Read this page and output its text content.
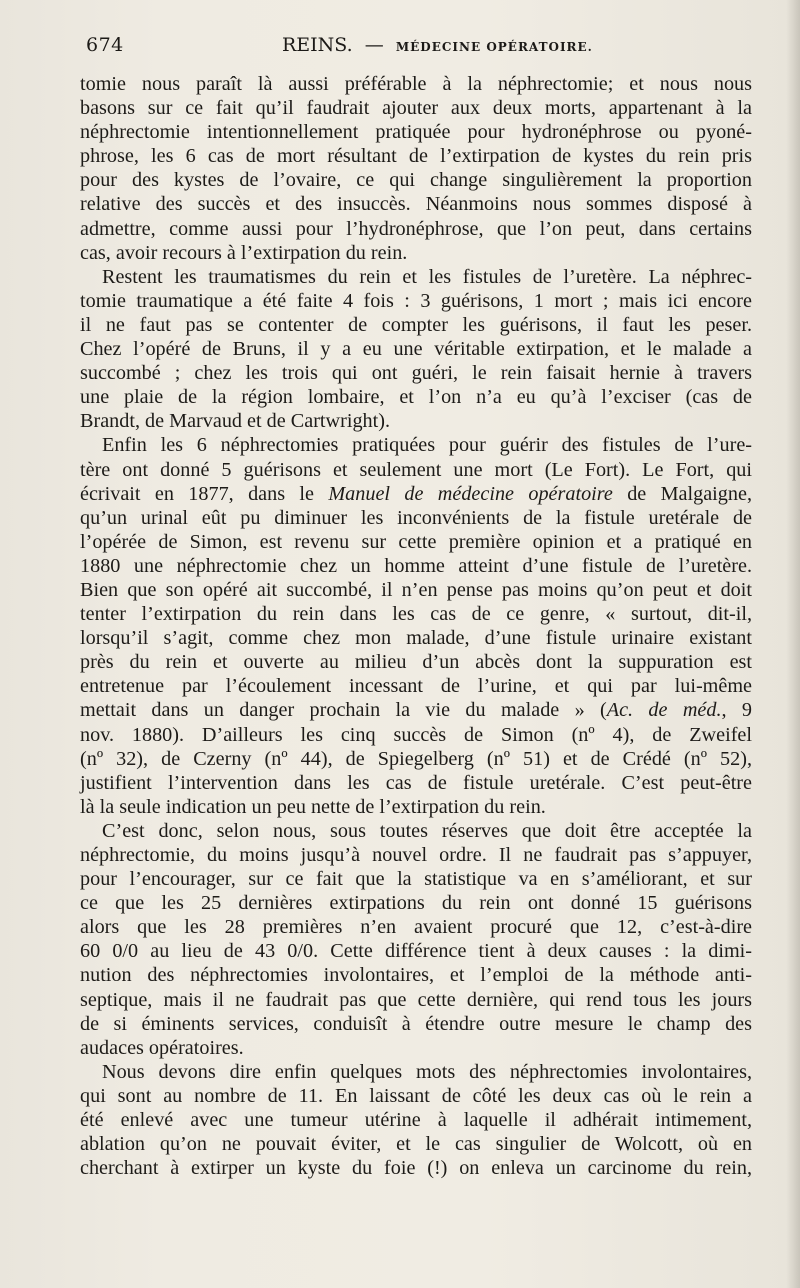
674	REINS. — MÉDECINE OPÉRATOIRE.
tomie nous paraît là aussi préférable à la néphrectomie; et nous nous
basons sur ce fait qu’il faudrait ajouter aux deux morts, appartenant à la
néphrectomie intentionnellement pratiquée pour hydronéphrose ou pyoné-
phrose, les 6 cas de mort résultant de l’extirpation de kystes du rein pris
pour des kystes de l’ovaire, ce qui change singulièrement la proportion
relative des succès et des insuccès. Néanmoins nous sommes disposé à
admettre, comme aussi pour l’hydronéphrose, que l’on peut, dans certains
cas, avoir recours à l’extirpation du rein.
Restent les traumatismes du rein et les fistules de l’uretère. La néphrec-
tomie traumatique a été faite 4 fois : 3 guérisons, 1 mort ; mais ici encore
il ne faut pas se contenter de compter les guérisons, il faut les peser.
Chez l’opéré de Bruns, il y a eu une véritable extirpation, et le malade a
succombé ; chez les trois qui ont guéri, le rein faisait hernie à travers
une plaie de la région lombaire, et l’on n’a eu qu’à l’exciser (cas de
Brandt, de Marvaud et de Cartwright).
Enfin les 6 néphrectomies pratiquées pour guérir des fistules de l’ure-
tère ont donné 5 guérisons et seulement une mort (Le Fort). Le Fort, qui
écrivait en 1877, dans le Manuel de médecine opératoire de Malgaigne,
qu’un urinal eût pu diminuer les inconvénients de la fistule uretérale de
l’opérée de Simon, est revenu sur cette première opinion et a pratiqué en
1880 une néphrectomie chez un homme atteint d’une fistule de l’uretère.
Bien que son opéré ait succombé, il n’en pense pas moins qu’on peut et doit
tenter l’extirpation du rein dans les cas de ce genre, « surtout, dit-il,
lorsqu’il s’agit, comme chez mon malade, d’une fistule urinaire existant
près du rein et ouverte au milieu d’un abcès dont la suppuration est
entretenue par l’écoulement incessant de l’urine, et qui par lui-même
mettait dans un danger prochain la vie du malade » (Ac. de méd., 9
nov. 1880). D’ailleurs les cinq succès de Simon (nº 4), de Zweifel
(nº 32), de Czerny (nº 44), de Spiegelberg (nº 51) et de Crédé (nº 52),
justifient l’intervention dans les cas de fistule uretérale. C’est peut-être
là la seule indication un peu nette de l’extirpation du rein.
C’est donc, selon nous, sous toutes réserves que doit être acceptée la
néphrectomie, du moins jusqu’à nouvel ordre. Il ne faudrait pas s’appuyer,
pour l’encourager, sur ce fait que la statistique va en s’améliorant, et sur
ce que les 25 dernières extirpations du rein ont donné 15 guérisons
alors que les 28 premières n’en avaient procuré que 12, c’est-à-dire
60 0/0 au lieu de 43 0/0. Cette différence tient à deux causes : la dimi-
nution des néphrectomies involontaires, et l’emploi de la méthode anti-
septique, mais il ne faudrait pas que cette dernière, qui rend tous les jours
de si éminents services, conduisît à étendre outre mesure le champ des
audaces opératoires.
Nous devons dire enfin quelques mots des néphrectomies involontaires,
qui sont au nombre de 11. En laissant de côté les deux cas où le rein a
été enlevé avec une tumeur utérine à laquelle il adhérait intimement,
ablation qu’on ne pouvait éviter, et le cas singulier de Wolcott, où en
cherchant à extirper un kyste du foie (!) on enleva un carcinome du rein,
